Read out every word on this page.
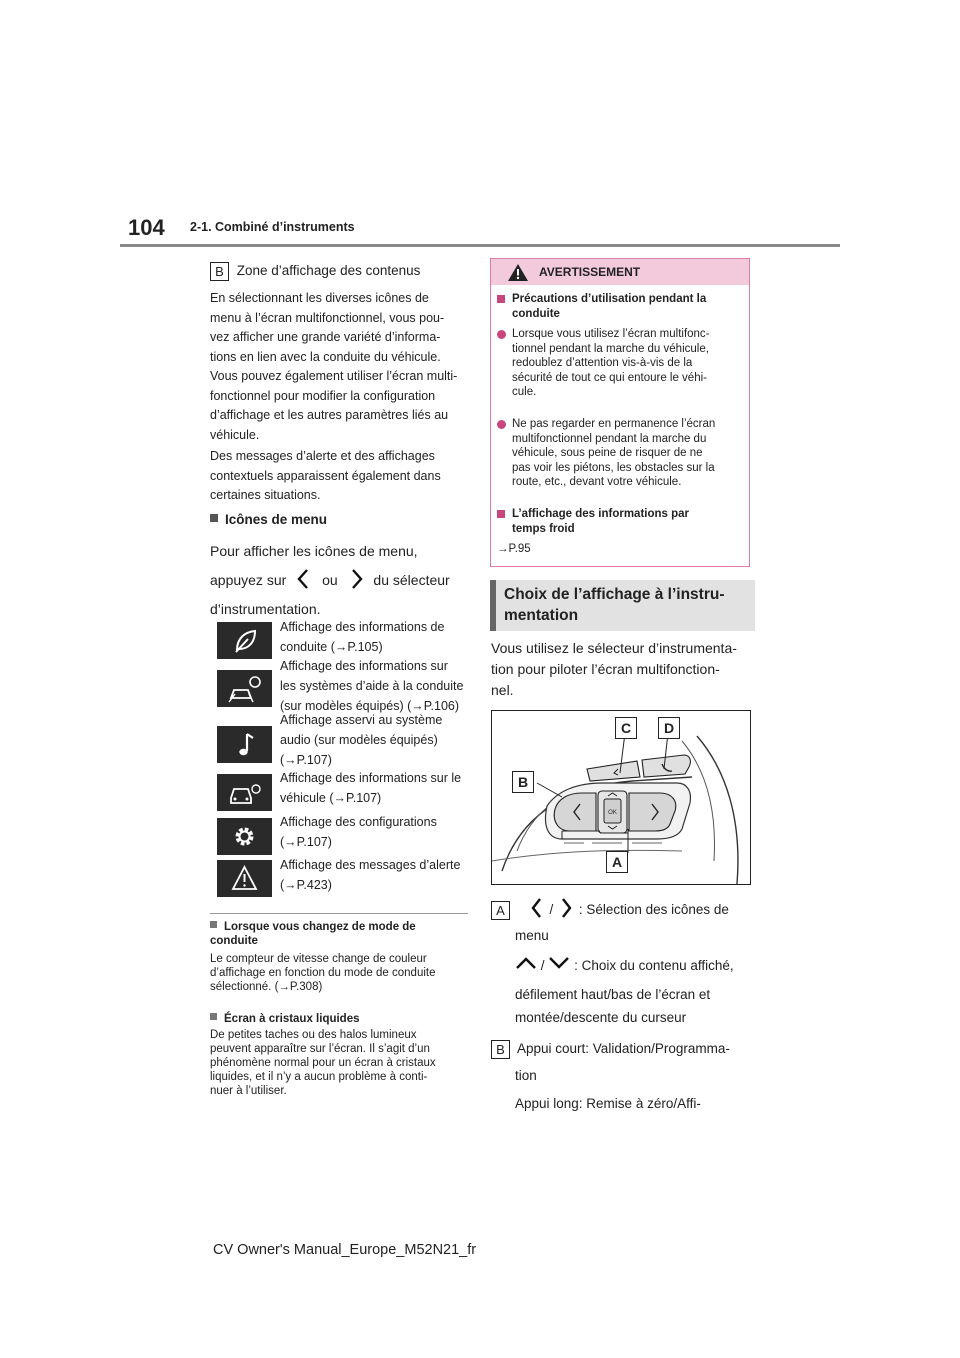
104 2-1. Combiné d’instruments
B Zone d’affichage des contenus

En sélectionnant les diverses icônes de

menu à l’écran multifonctionnel, vous pou-

vez afficher une grande variété d’informa-

tions en lien avec la conduite du véhicule.

Vous pouvez également utiliser l’écran multi-

fonctionnel pour modifier la configuration

d’affichage et les autres paramètres liés au

véhicule.

Des messages d’alerte et des affichages

contextuels apparaissent également dans

certaines situations.

Icônes de menu
Pour afficher les icônes de menu,
appuyez sur	ou	du sélecteur
d’instrumentation.
Affichage des informations de
conduite (→P.105)
Affichage des informations sur
les systèmes d’aide à la conduite
(sur modèles équipés) (→P.106)
Affichage asservi au système
audio (sur modèles équipés)
(→P.107)
Affichage des informations sur le
véhicule (→P.107)
Affichage des configurations
(→P.107)
Affichage des messages d’alerte
(→P.423)

Lorsque vous changez de mode de

conduite

Le compteur de vitesse change de couleur

d’affichage en fonction du mode de conduite

sélectionné. (→P.308)

Écran à cristaux liquides

De petites taches ou des halos lumineux

peuvent apparaître sur l’écran. Il s’agit d’un

phénomène normal pour un écran à cristaux

liquides, et il n’y a aucun problème à conti-

nuer à l’utiliser.

AVERTISSEMENT
Précautions d’utilisation pendant la
conduite
Lorsque vous utilisez l’écran multifonc-
tionnel pendant la marche du véhicule,
redoublez d’attention vis-à-vis de la
sécurité de tout ce qui entoure le véhi-
cule.
Ne pas regarder en permanence l’écran
multifonctionnel pendant la marche du
véhicule, sous peine de risquer de ne
pas voir les piétons, les obstacles sur la
route, etc., devant votre véhicule.
L’affichage des informations par
temps froid
→P.95
Choix de l’affichage à l’instru-
mentation
Vous utilisez le sélecteur d’instrumenta-
tion pour piloter l’écran multifonction-
nel.
OK
C	D
B
A
A	/ : Sélection des icônes de
menu
/ : Choix du contenu affiché,
défilement haut/bas de l’écran et
montée/descente du curseur
B Appui court: Validation/Programma-
tion
Appui long: Remise à zéro/Affi-
CV Owner's Manual_Europe_M52N21_fr
